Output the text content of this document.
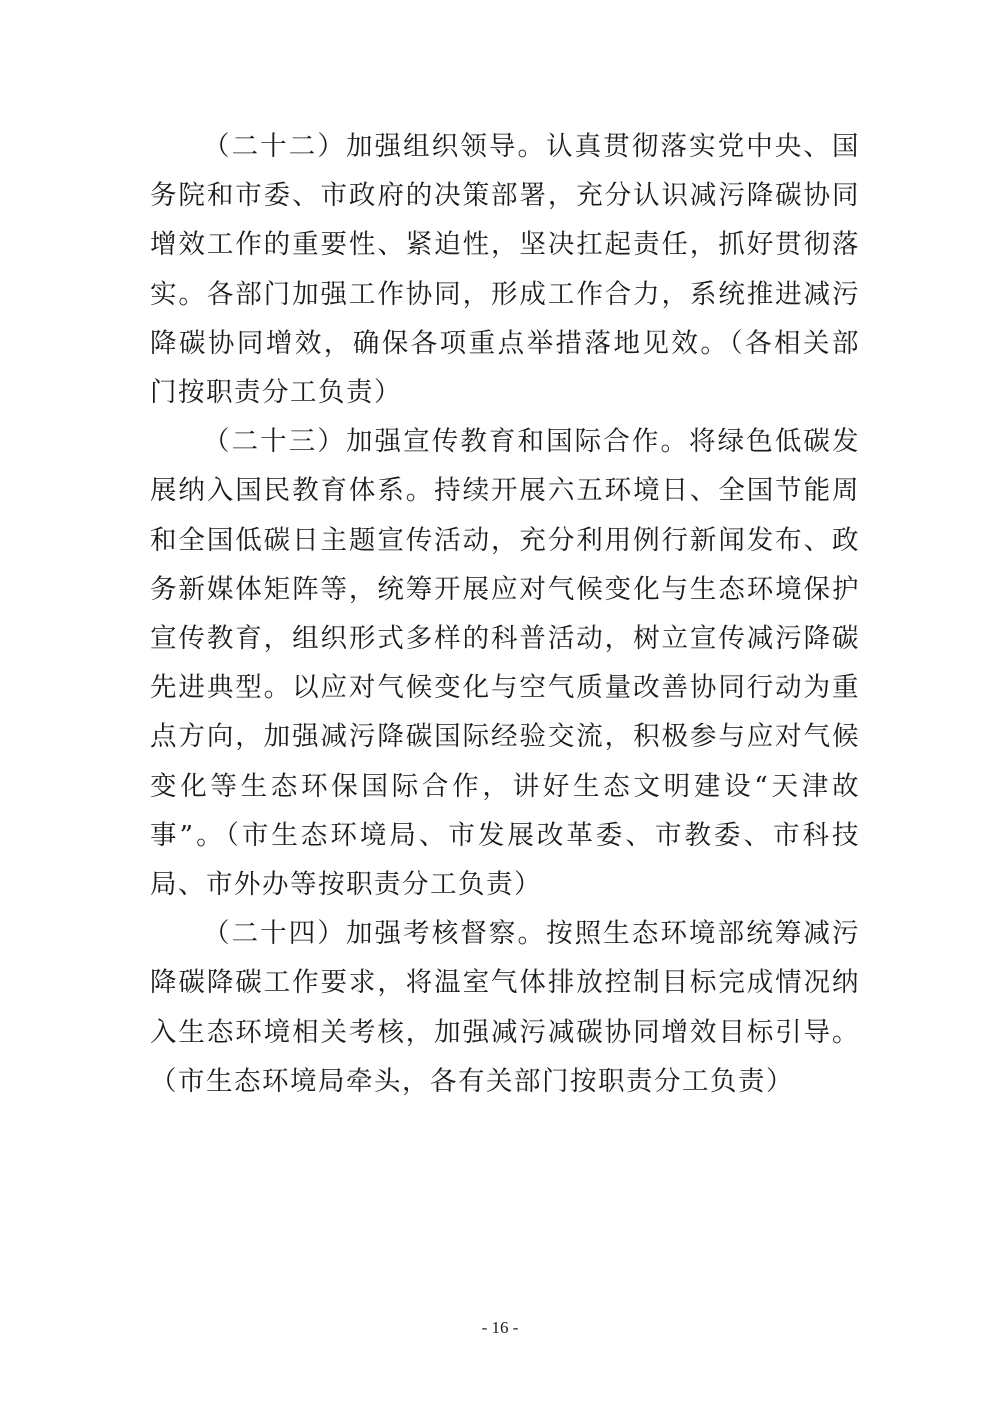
（二十二）加强组织领导。认真贯彻落实党中央、国务院和市委、市政府的决策部署，充分认识减污降碳协同增效工作的重要性、紧迫性，坚决扛起责任，抓好贯彻落实。各部门加强工作协同，形成工作合力，系统推进减污降碳协同增效，确保各项重点举措落地见效。（各相关部门按职责分工负责）

（二十三）加强宣传教育和国际合作。将绿色低碳发展纳入国民教育体系。持续开展六五环境日、全国节能周和全国低碳日主题宣传活动，充分利用例行新闻发布、政务新媒体矩阵等，统筹开展应对气候变化与生态环境保护宣传教育，组织形式多样的科普活动，树立宣传减污降碳先进典型。以应对气候变化与空气质量改善协同行动为重点方向，加强减污降碳国际经验交流，积极参与应对气候变化等生态环保国际合作，讲好生态文明建设“天津故事”。（市生态环境局、市发展改革委、市教委、市科技局、市外办等按职责分工负责）

（二十四）加强考核督察。按照生态环境部统筹减污降碳降碳工作要求，将温室气体排放控制目标完成情况纳入生态环境相关考核，加强减污减碳协同增效目标引导。（市生态环境局牵头，各有关部门按职责分工负责）

- 16 -
